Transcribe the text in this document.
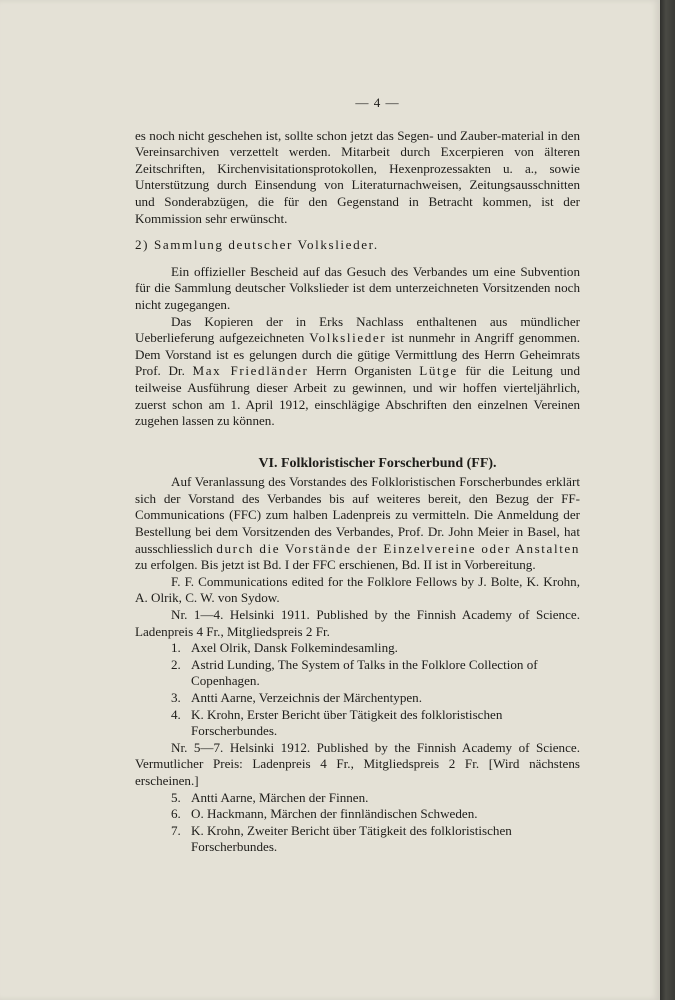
— 4 —

es noch nicht geschehen ist, sollte schon jetzt das Segen- und Zauber-material in den Vereinsarchiven verzettelt werden. Mitarbeit durch Excerpieren von älteren Zeitschriften, Kirchenvisitationsprotokollen, Hexenprozessakten u. a., sowie Unterstützung durch Einsendung von Literaturnachweisen, Zeitungsausschnitten und Sonderabzügen, die für den Gegenstand in Betracht kommen, ist der Kommission sehr erwünscht.

2) Sammlung deutscher Volkslieder.

Ein offizieller Bescheid auf das Gesuch des Verbandes um eine Subvention für die Sammlung deutscher Volkslieder ist dem unterzeichneten Vorsitzenden noch nicht zugegangen.

Das Kopieren der in Erks Nachlass enthaltenen aus mündlicher Ueberlieferung aufgezeichneten Volkslieder ist nunmehr in Angriff genommen. Dem Vorstand ist es gelungen durch die gütige Vermittlung des Herrn Geheimrats Prof. Dr. Max Friedländer Herrn Organisten Lütge für die Leitung und teilweise Ausführung dieser Arbeit zu gewinnen, und wir hoffen vierteljährlich, zuerst schon am 1. April 1912, einschlägige Abschriften den einzelnen Vereinen zugehen lassen zu können.

VI. Folkloristischer Forscherbund (FF).

Auf Veranlassung des Vorstandes des Folkloristischen Forscherbundes erklärt sich der Vorstand des Verbandes bis auf weiteres bereit, den Bezug der FF-Communications (FFC) zum halben Ladenpreis zu vermitteln. Die Anmeldung der Bestellung bei dem Vorsitzenden des Verbandes, Prof. Dr. John Meier in Basel, hat ausschliesslich durch die Vorstände der Einzelvereine oder Anstalten zu erfolgen. Bis jetzt ist Bd. I der FFC erschienen, Bd. II ist in Vorbereitung.

F. F. Communications edited for the Folklore Fellows by J. Bolte, K. Krohn, A. Olrik, C. W. von Sydow.

Nr. 1—4. Helsinki 1911. Published by the Finnish Academy of Science. Ladenpreis 4 Fr., Mitgliedspreis 2 Fr.

1. Axel Olrik, Dansk Folkemindesamling.
2. Astrid Lunding, The System of Talks in the Folklore Collection of Copenhagen.
3. Antti Aarne, Verzeichnis der Märchentypen.
4. K. Krohn, Erster Bericht über Tätigkeit des folkloristischen Forscherbundes.

Nr. 5—7. Helsinki 1912. Published by the Finnish Academy of Science. Vermutlicher Preis: Ladenpreis 4 Fr., Mitgliedspreis 2 Fr. [Wird nächstens erscheinen.]

5. Antti Aarne, Märchen der Finnen.
6. O. Hackmann, Märchen der finnländischen Schweden.
7. K. Krohn, Zweiter Bericht über Tätigkeit des folkloristischen Forscherbundes.
